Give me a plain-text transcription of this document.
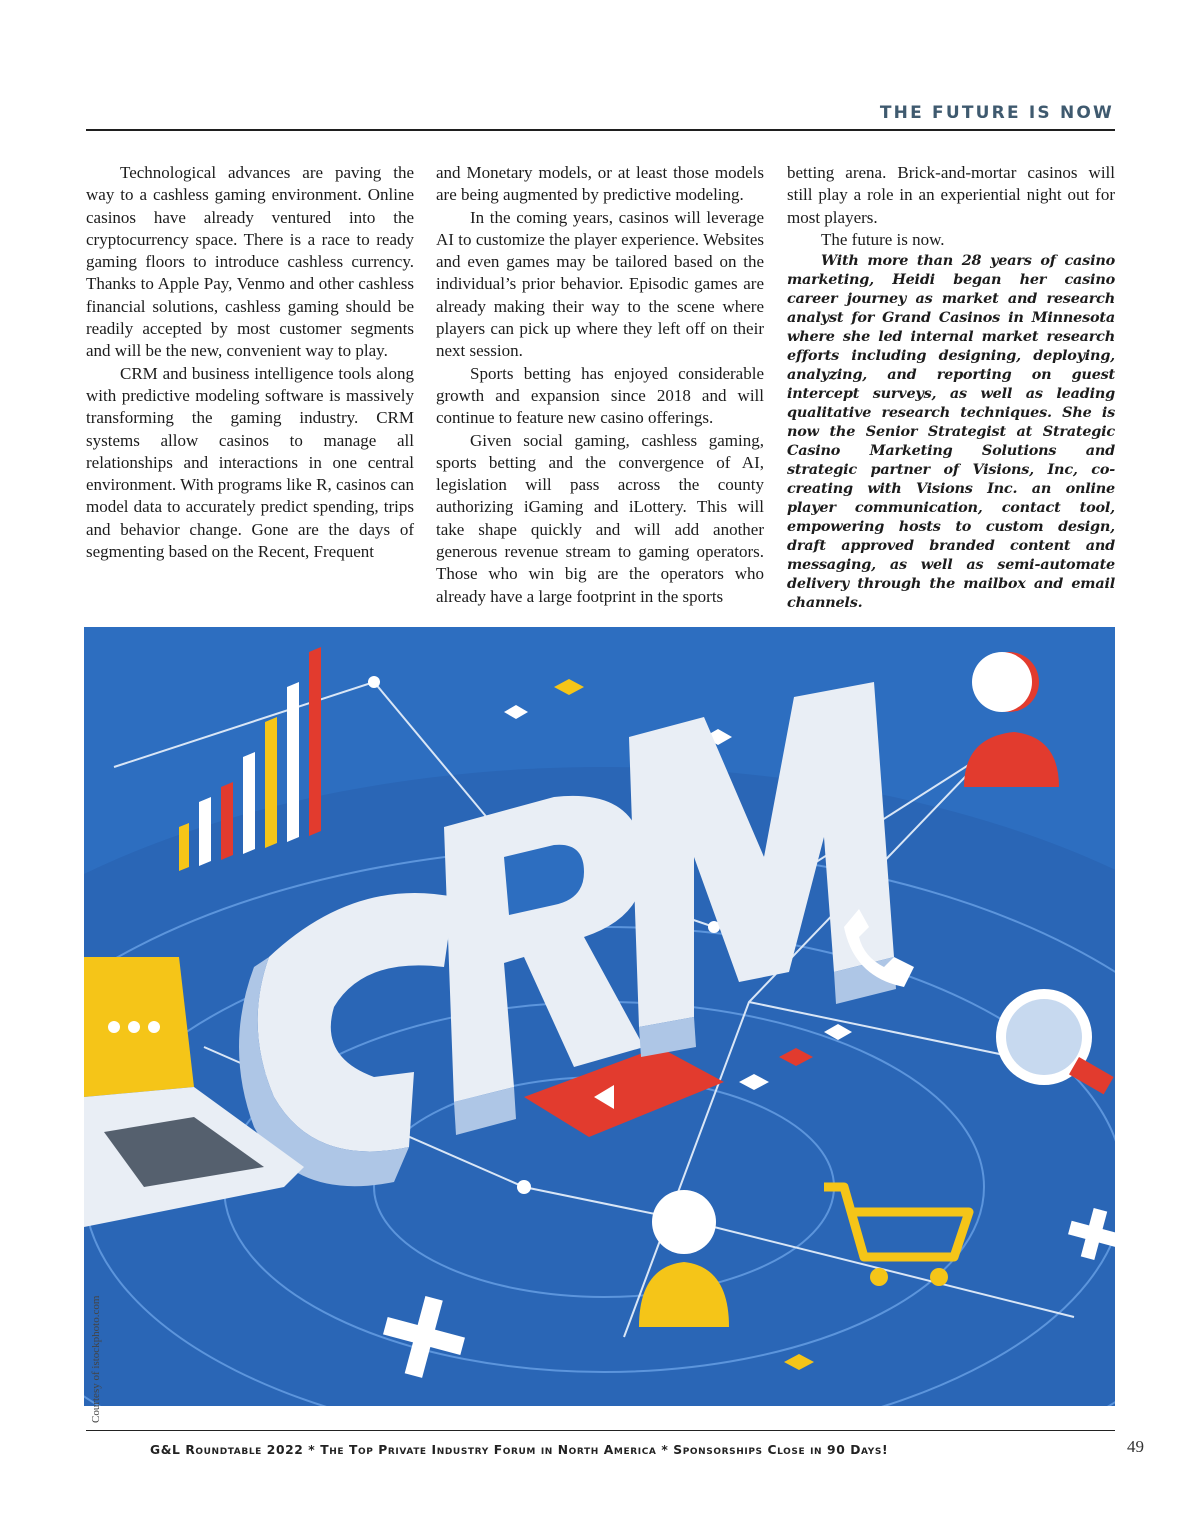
THE FUTURE IS NOW

Technological advances are paving the way to a cashless gaming environment. Online casinos have already ventured into the cryptocurrency space. There is a race to ready gaming floors to introduce cashless currency. Thanks to Apple Pay, Venmo and other cashless financial solutions, cashless gaming should be readily accepted by most customer segments and will be the new, convenient way to play.

CRM and business intelligence tools along with predictive modeling software is massively transforming the gaming industry. CRM systems allow casinos to manage all relationships and interactions in one central environment. With programs like R, casinos can model data to accurately predict spending, trips and behavior change. Gone are the days of segmenting based on the Recent, Frequent

and Monetary models, or at least those models are being augmented by predictive modeling.

In the coming years, casinos will leverage AI to customize the player experience. Websites and even games may be tailored based on the individual’s prior behavior. Episodic games are already making their way to the scene where players can pick up where they left off on their next session.

Sports betting has enjoyed considerable growth and expansion since 2018 and will continue to feature new casino offerings.

Given social gaming, cashless gaming, sports betting and the convergence of AI, legislation will pass across the county authorizing iGaming and iLottery. This will take shape quickly and will add another generous revenue stream to gaming operators. Those who win big are the operators who already have a large footprint in the sports

betting arena. Brick-and-mortar casinos will still play a role in an experiential night out for most players.

The future is now.

With more than 28 years of casino marketing, Heidi began her casino career journey as market and research analyst for Grand Casinos in Minnesota where she led internal market research efforts including designing, deploying, analyzing, and reporting on guest intercept surveys, as well as leading qualitative research techniques. She is now the Senior Strategist at Strategic Casino Marketing Solutions and strategic partner of Visions, Inc, co-creating with Visions Inc. an online player communication, contact tool, empowering hosts to custom design, draft approved branded content and messaging, as well as semi-automate delivery through the mailbox and email channels.

Courtesy of istockphoto.com
G&L Roundtable 2022 * The Top Private Industry Forum in North America * Sponsorships Close in 90 Days!	49
